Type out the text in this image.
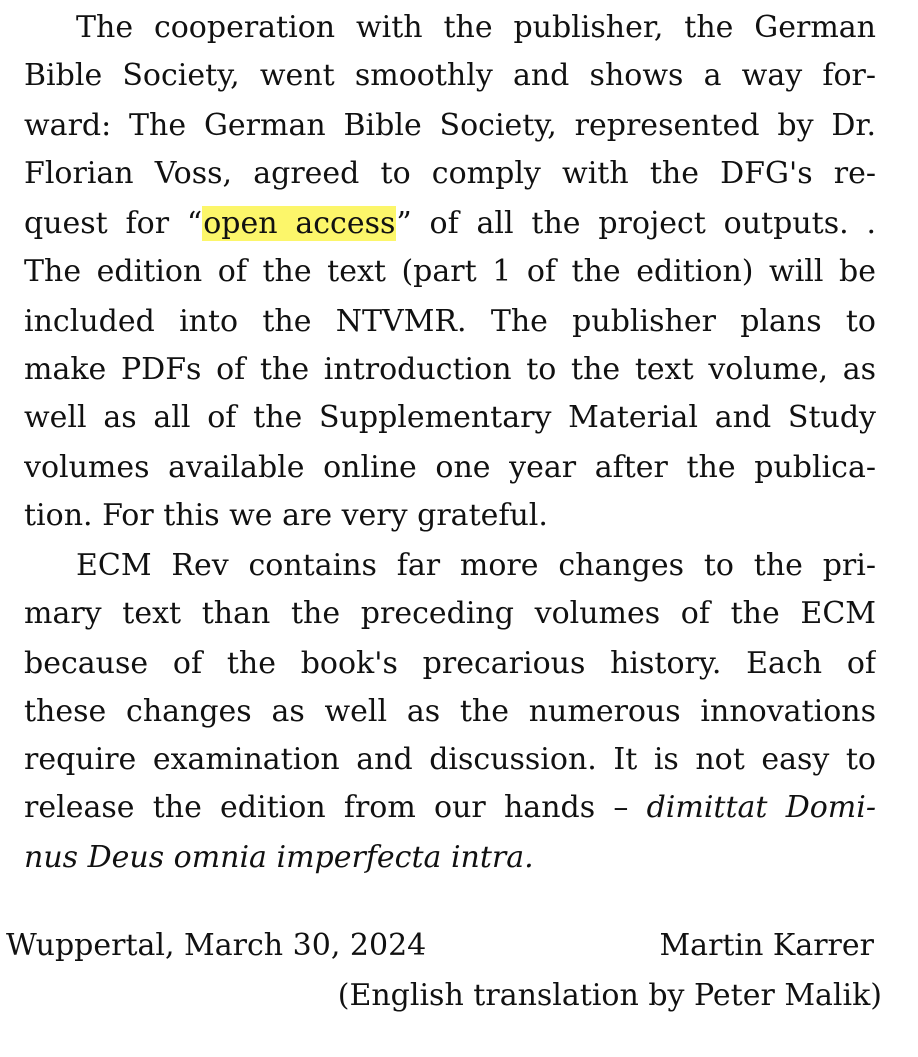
The cooperation with the publisher, the German
Bible Society, went smoothly and shows a way for-
ward: The German Bible Society, represented by Dr.
Florian Voss, agreed to comply with the DFG's re-
quest for “open access” of all the project outputs. .
The edition of the text (part 1 of the edition) will be
included into the NTVMR. The publisher plans to
make PDFs of the introduction to the text volume, as
well as all of the Supplementary Material and Study
volumes available online one year after the publica-
tion. For this we are very grateful.
ECM Rev contains far more changes to the pri-
mary text than the preceding volumes of the ECM
because of the book's precarious history. Each of
these changes as well as the numerous innovations
require examination and discussion. It is not easy to
release the edition from our hands – dimittat Domi-
nus Deus omnia imperfecta intra.
Wuppertal, March 30, 2024	Martin Karrer
(English translation by Peter Malik)
